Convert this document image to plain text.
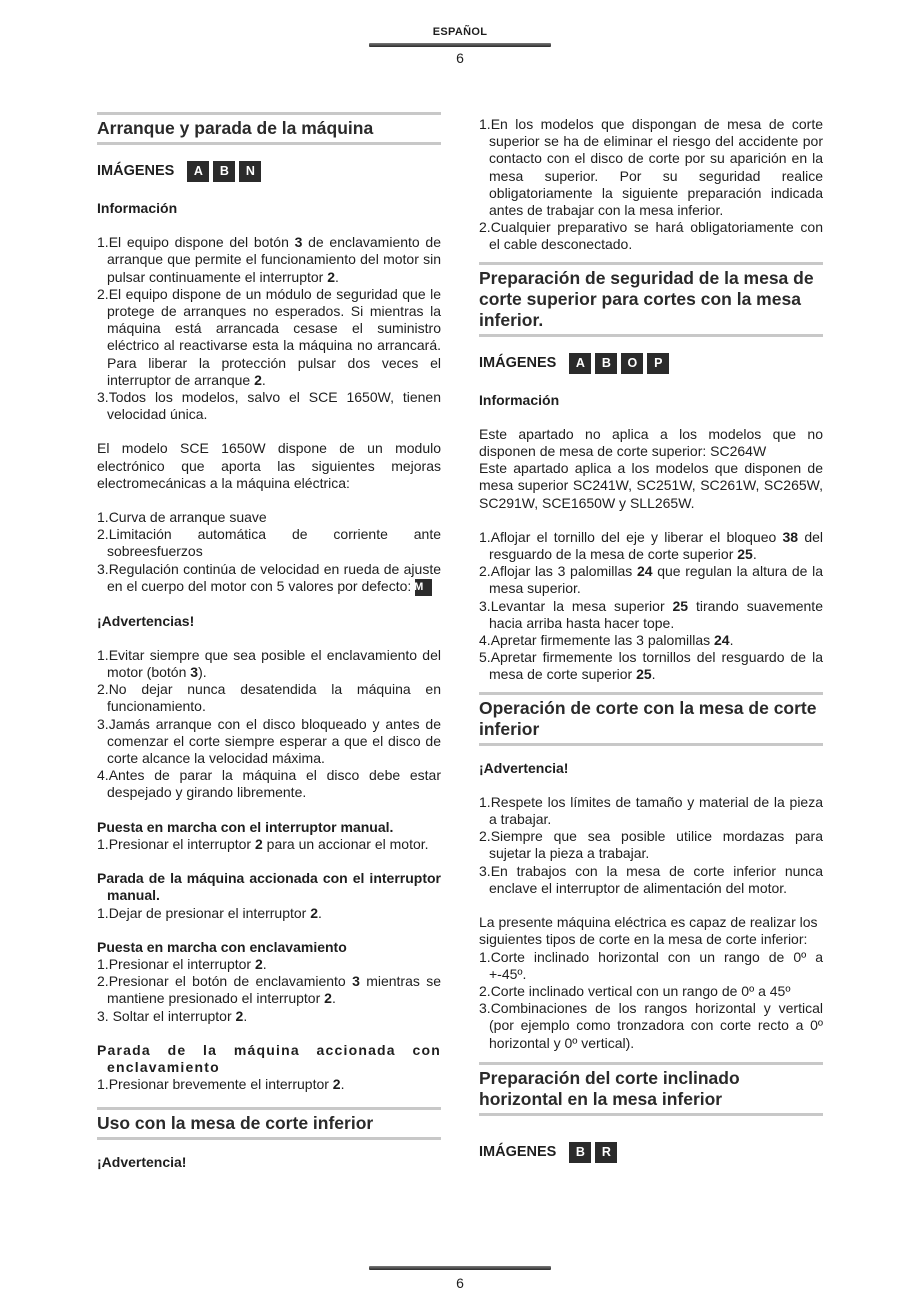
ESPAÑOL
6
Arranque y parada de la máquina
IMÁGENES	A	B	N

Información

1.El equipo dispone del botón 3 de enclavamiento de arranque que permite el funcionamiento del motor sin pulsar continuamente el interruptor 2.
2.El equipo dispone de un módulo de seguridad que le protege de arranques no esperados. Si mientras la máquina está arrancada cesase el suministro eléctrico al reactivarse esta la máquina no arrancará. Para liberar la protección pulsar dos veces el interruptor de arranque 2.
3.Todos los modelos, salvo el SCE 1650W, tienen velocidad única.

El modelo SCE 1650W dispone de un modulo electrónico que aporta las siguientes mejoras electromecánicas a la máquina eléctrica:

1.Curva de arranque suave
2.Limitación automática de corriente ante sobreesfuerzos
3.Regulación continúa de velocidad en rueda de ajuste en el cuerpo del motor con 5 valores por defecto: M

¡Advertencias!

1.Evitar siempre que sea posible el enclavamiento del motor (botón 3).
2.No dejar nunca desatendida la máquina en funcionamiento.
3.Jamás arranque con el disco bloqueado y antes de comenzar el corte siempre esperar a que el disco de corte alcance la velocidad máxima.
4.Antes de parar la máquina el disco debe estar despejado y girando libremente.

Puesta en marcha con el interruptor manual.

1.Presionar el interruptor 2 para un accionar el motor.
Parada de la máquina accionada con el interruptor manual.
1.Dejar de presionar el interruptor 2.

Puesta en marcha con enclavamiento

1.Presionar el interruptor 2.
2.Presionar el botón de enclavamiento 3 mientras se mantiene presionado el interruptor 2.
3. Soltar el interruptor 2.
Parada de la máquina accionada con enclavamiento
1.Presionar brevemente el interruptor 2.
Uso con la mesa de corte inferior

¡Advertencia!

1.En los modelos que dispongan de mesa de corte superior se ha de eliminar el riesgo del accidente por contacto con el disco de corte por su aparición en la mesa superior. Por su seguridad realice obligatoriamente la siguiente preparación indicada antes de trabajar con la mesa inferior.
2.Cualquier preparativo se hará obligatoriamente con el cable desconectado.
Preparación de seguridad de la mesa de corte superior para cortes con la mesa inferior.
IMÁGENES	A	B	O	P

Información

Este apartado no aplica a los modelos que no disponen de mesa de corte superior: SC264W

Este apartado aplica a los modelos que disponen de mesa superior SC241W, SC251W, SC261W, SC265W, SC291W, SCE1650W y SLL265W.

1.Aflojar el tornillo del eje y liberar el bloqueo 38 del resguardo de la mesa de corte superior 25.
2.Aflojar las 3 palomillas 24 que regulan la altura de la mesa superior.
3.Levantar la mesa superior 25 tirando suavemente hacia arriba hasta hacer tope.
4.Apretar firmemente las 3 palomillas 24.
5.Apretar firmemente los tornillos del resguardo de la mesa de corte superior 25.
Operación de corte con la mesa de corte inferior

¡Advertencia!

1.Respete los límites de tamaño y material de la pieza a trabajar.
2.Siempre que sea posible utilice mordazas para sujetar la pieza a trabajar.
3.En trabajos con la mesa de corte inferior nunca enclave el interruptor de alimentación del motor.

La presente máquina eléctrica es capaz de realizar los siguientes tipos de corte en la mesa de corte inferior:

1.Corte inclinado horizontal con un rango de 0º a +-45º.
2.Corte inclinado vertical con un rango de 0º a 45º
3.Combinaciones de los rangos horizontal y vertical (por ejemplo como tronzadora con corte recto a 0º horizontal y 0º vertical).
Preparación del corte inclinado horizontal en la mesa inferior
IMÁGENES	B	R
6
